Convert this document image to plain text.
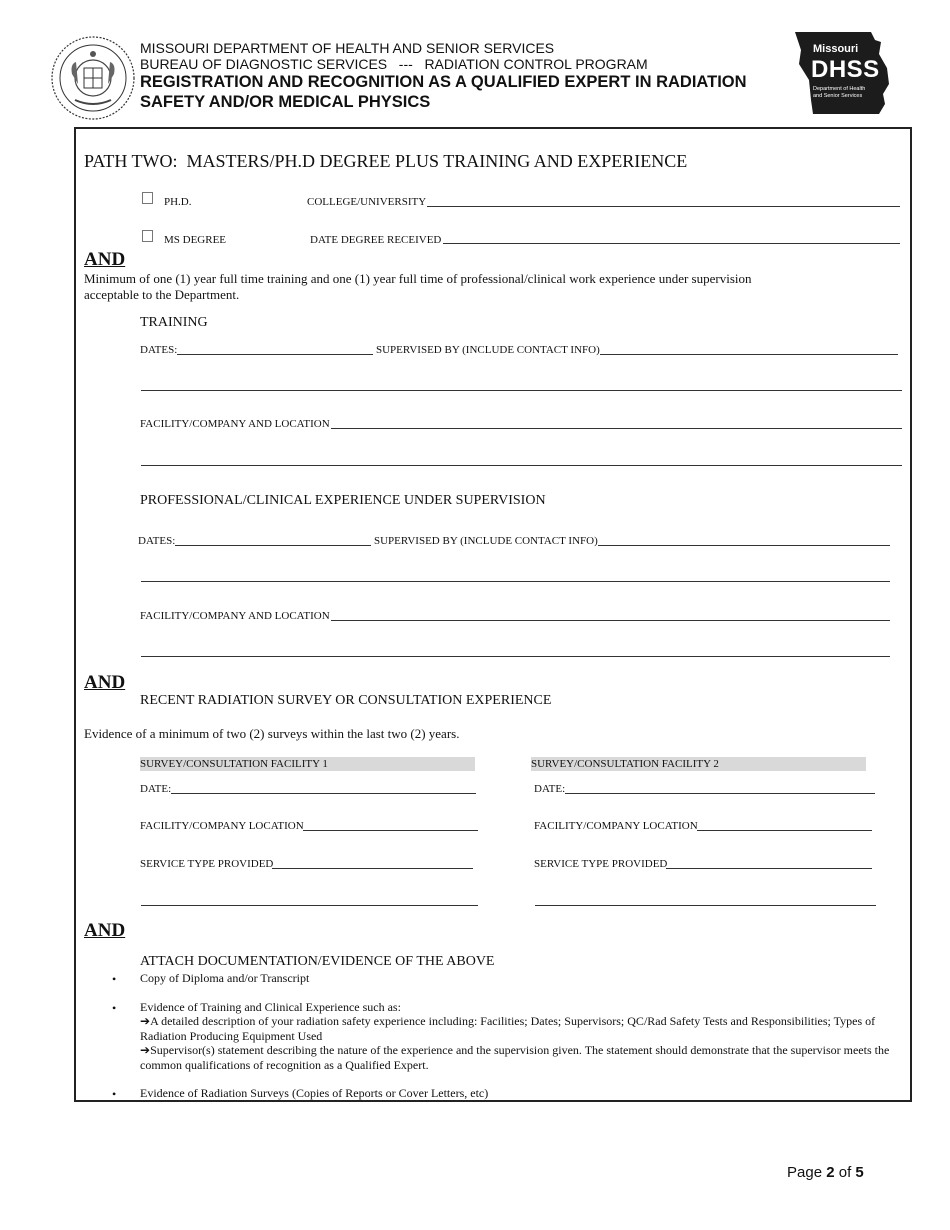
MISSOURI DEPARTMENT OF HEALTH AND SENIOR SERVICES
BUREAU OF DIAGNOSTIC SERVICES   ---   RADIATION CONTROL PROGRAM
REGISTRATION AND RECOGNITION AS A QUALIFIED EXPERT IN RADIATION
SAFETY AND/OR MEDICAL PHYSICS
Missouri
DHSS
Department of Health
and Senior Services
PATH TWO:  MASTERS/PH.D DEGREE PLUS TRAINING AND EXPERIENCE
PH.D.	COLLEGE/UNIVERSITY
MS DEGREE	DATE DEGREE RECEIVED
AND
Minimum of one (1) year full time training and one (1) year full time of professional/clinical work experience under supervision acceptable to the Department.
TRAINING
DATES:	SUPERVISED BY (INCLUDE CONTACT INFO)
FACILITY/COMPANY AND LOCATION
PROFESSIONAL/CLINICAL EXPERIENCE UNDER SUPERVISION
DATES:	SUPERVISED BY (INCLUDE CONTACT INFO)
FACILITY/COMPANY AND LOCATION
AND
RECENT RADIATION SURVEY OR CONSULTATION EXPERIENCE
Evidence of a minimum of two (2) surveys within the last two (2) years.
SURVEY/CONSULTATION FACILITY 1
DATE:
FACILITY/COMPANY LOCATION
SERVICE TYPE PROVIDED
SURVEY/CONSULTATION FACILITY 2
DATE:
FACILITY/COMPANY LOCATION
SERVICE TYPE PROVIDED
AND
ATTACH DOCUMENTATION/EVIDENCE OF THE ABOVE
• Copy of Diploma and/or Transcript
• Evidence of Training and Clinical Experience such as:
➔A detailed description of your radiation safety experience including: Facilities; Dates; Supervisors; QC/Rad Safety Tests and Responsibilities; Types of Radiation Producing Equipment Used
➔Supervisor(s) statement describing the nature of the experience and the supervision given. The statement should demonstrate that the supervisor meets the common qualifications of recognition as a Qualified Expert.
• Evidence of Radiation Surveys (Copies of Reports or Cover Letters, etc)
Page 2 of 5
